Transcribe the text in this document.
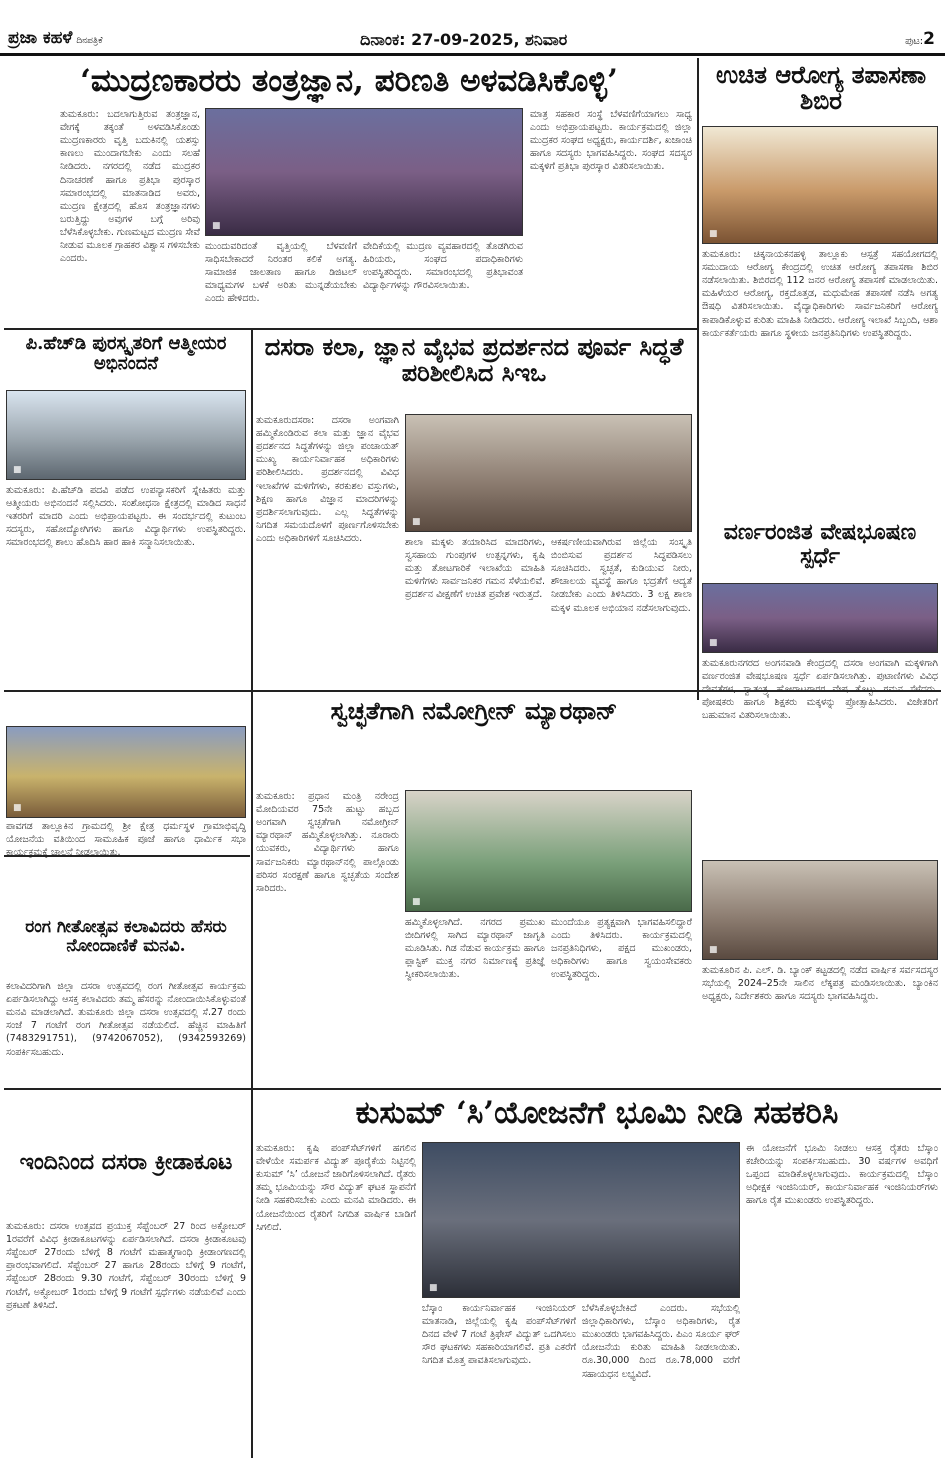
ಪ್ರಜಾ ಕಹಳೆ ದಿನಪತ್ರಿಕೆ	ದಿನಾಂಕ: 27-09-2025, ಶನಿವಾರ	ಪುಟ:2
‘ಮುದ್ರಣಕಾರರು ತಂತ್ರಜ್ಞಾನ, ಪರಿಣತಿ ಅಳವಡಿಸಿಕೊಳ್ಳಿ’
■
ತುಮಕೂರು: ಬದಲಾಗುತ್ತಿರುವ ತಂತ್ರಜ್ಞಾನ, ವೇಗಕ್ಕೆ ತಕ್ಕಂತೆ ಅಳವಡಿಸಿಕೊಂಡು ಮುದ್ರಣಕಾರರು ವೃತ್ತಿ ಬದುಕಿನಲ್ಲಿ ಯಶಸ್ಸು ಕಾಣಲು ಮುಂದಾಗಬೇಕು ಎಂದು ಸಲಹೆ ನೀಡಿದರು. ನಗರದಲ್ಲಿ ನಡೆದ ಮುದ್ರಕರ ದಿನಾಚರಣೆ ಹಾಗೂ ಪ್ರತಿಭಾ ಪುರಸ್ಕಾರ ಸಮಾರಂಭದಲ್ಲಿ ಮಾತನಾಡಿದ ಅವರು, ಮುದ್ರಣ ಕ್ಷೇತ್ರದಲ್ಲಿ ಹೊಸ ತಂತ್ರಜ್ಞಾನಗಳು ಬರುತ್ತಿದ್ದು ಅವುಗಳ ಬಗ್ಗೆ ಅರಿವು ಬೆಳೆಸಿಕೊಳ್ಳಬೇಕು. ಗುಣಮಟ್ಟದ ಮುದ್ರಣ ಸೇವೆ ನೀಡುವ ಮೂಲಕ ಗ್ರಾಹಕರ ವಿಶ್ವಾಸ ಗಳಿಸಬೇಕು ಎಂದರು.
ಮುಂದುವರಿದಂತೆ ವೃತ್ತಿಯಲ್ಲಿ ಬೆಳವಣಿಗೆ ಸಾಧಿಸಬೇಕಾದರೆ ನಿರಂತರ ಕಲಿಕೆ ಅಗತ್ಯ. ಸಾಮಾಜಿಕ ಜಾಲತಾಣ ಹಾಗೂ ಡಿಜಿಟಲ್ ಮಾಧ್ಯಮಗಳ ಬಳಕೆ ಅರಿತು ಮುನ್ನಡೆಯಬೇಕು ಎಂದು ಹೇಳಿದರು.
ವೇದಿಕೆಯಲ್ಲಿ ಮುದ್ರಣ ವ್ಯವಹಾರದಲ್ಲಿ ತೊಡಗಿರುವ ಹಿರಿಯರು, ಸಂಘದ ಪದಾಧಿಕಾರಿಗಳು ಉಪಸ್ಥಿತರಿದ್ದರು. ಸಮಾರಂಭದಲ್ಲಿ ಪ್ರತಿಭಾವಂತ ವಿದ್ಯಾರ್ಥಿಗಳನ್ನು ಗೌರವಿಸಲಾಯಿತು.
ಮಾತ್ರ ಸಹಕಾರ ಸಂಸ್ಥೆ ಬೆಳವಣಿಗೆಯಾಗಲು ಸಾಧ್ಯ ಎಂದು ಅಭಿಪ್ರಾಯಪಟ್ಟರು. ಕಾರ್ಯಕ್ರಮದಲ್ಲಿ ಜಿಲ್ಲಾ ಮುದ್ರಕರ ಸಂಘದ ಅಧ್ಯಕ್ಷರು, ಕಾರ್ಯದರ್ಶಿ, ಖಜಾಂಚಿ ಹಾಗೂ ಸದಸ್ಯರು ಭಾಗವಹಿಸಿದ್ದರು. ಸಂಘದ ಸದಸ್ಯರ ಮಕ್ಕಳಿಗೆ ಪ್ರತಿಭಾ ಪುರಸ್ಕಾರ ವಿತರಿಸಲಾಯಿತು.
ಉಚಿತ ಆರೋಗ್ಯ ತಪಾಸಣಾ ಶಿಬಿರ
■
ತುಮಕೂರು: ಚಿಕ್ಕನಾಯಕನಹಳ್ಳಿ ತಾಲ್ಲೂಕು ಆಸ್ಪತ್ರೆ ಸಹಯೋಗದಲ್ಲಿ ಸಮುದಾಯ ಆರೋಗ್ಯ ಕೇಂದ್ರದಲ್ಲಿ ಉಚಿತ ಆರೋಗ್ಯ ತಪಾಸಣಾ ಶಿಬಿರ ನಡೆಸಲಾಯಿತು. ಶಿಬಿರದಲ್ಲಿ 112 ಜನರ ಆರೋಗ್ಯ ತಪಾಸಣೆ ಮಾಡಲಾಯಿತು. ಮಹಿಳೆಯರ ಆರೋಗ್ಯ, ರಕ್ತದೊತ್ತಡ, ಮಧುಮೇಹ ತಪಾಸಣೆ ನಡೆಸಿ ಅಗತ್ಯ ಔಷಧಿ ವಿತರಿಸಲಾಯಿತು. ವೈದ್ಯಾಧಿಕಾರಿಗಳು ಸಾರ್ವಜನಿಕರಿಗೆ ಆರೋಗ್ಯ ಕಾಪಾಡಿಕೊಳ್ಳುವ ಕುರಿತು ಮಾಹಿತಿ ನೀಡಿದರು. ಆರೋಗ್ಯ ಇಲಾಖೆ ಸಿಬ್ಬಂದಿ, ಆಶಾ ಕಾರ್ಯಕರ್ತೆಯರು ಹಾಗೂ ಸ್ಥಳೀಯ ಜನಪ್ರತಿನಿಧಿಗಳು ಉಪಸ್ಥಿತರಿದ್ದರು.
ವರ್ಣರಂಜಿತ ವೇಷಭೂಷಣ ಸ್ಪರ್ಧೆ
■
ತುಮಕೂರುನಗರದ ಅಂಗನವಾಡಿ ಕೇಂದ್ರದಲ್ಲಿ ದಸರಾ ಅಂಗವಾಗಿ ಮಕ್ಕಳಿಗಾಗಿ ವರ್ಣರಂಜಿತ ವೇಷಭೂಷಣ ಸ್ಪರ್ಧೆ ಏರ್ಪಡಿಸಲಾಗಿತ್ತು. ಪುಟಾಣಿಗಳು ವಿವಿಧ ದೇವತೆಗಳ, ಸ್ವಾತಂತ್ರ್ಯ ಹೋರಾಟಗಾರರ ವೇಷ ತೊಟ್ಟು ಗಮನ ಸೆಳೆದರು. ಪೋಷಕರು ಹಾಗೂ ಶಿಕ್ಷಕರು ಮಕ್ಕಳನ್ನು ಪ್ರೋತ್ಸಾಹಿಸಿದರು. ವಿಜೇತರಿಗೆ ಬಹುಮಾನ ವಿತರಿಸಲಾಯಿತು.
■
ತುಮಕೂರಿನ ಪಿ. ಎಲ್. ಡಿ. ಬ್ಯಾಂಕ್ ಕಟ್ಟಡದಲ್ಲಿ ನಡೆದ ವಾರ್ಷಿಕ ಸರ್ವಸದಸ್ಯರ ಸಭೆಯಲ್ಲಿ 2024–25ನೇ ಸಾಲಿನ ಲೆಕ್ಕಪತ್ರ ಮಂಡಿಸಲಾಯಿತು. ಬ್ಯಾಂಕಿನ ಅಧ್ಯಕ್ಷರು, ನಿರ್ದೇಶಕರು ಹಾಗೂ ಸದಸ್ಯರು ಭಾಗವಹಿಸಿದ್ದರು.
ಪಿ.ಹೆಚ್‌ಡಿ ಪುರಸ್ಕೃತರಿಗೆ ಆತ್ಮೀಯರ ಅಭಿನಂದನೆ
■
ತುಮಕೂರು: ಪಿ.ಹೆಚ್‌ಡಿ ಪದವಿ ಪಡೆದ ಉಪನ್ಯಾಸಕರಿಗೆ ಸ್ನೇಹಿತರು ಮತ್ತು ಆತ್ಮೀಯರು ಅಭಿನಂದನೆ ಸಲ್ಲಿಸಿದರು. ಸಂಶೋಧನಾ ಕ್ಷೇತ್ರದಲ್ಲಿ ಮಾಡಿದ ಸಾಧನೆ ಇತರರಿಗೆ ಮಾದರಿ ಎಂದು ಅಭಿಪ್ರಾಯಪಟ್ಟರು. ಈ ಸಂದರ್ಭದಲ್ಲಿ ಕುಟುಂಬ ಸದಸ್ಯರು, ಸಹೋದ್ಯೋಗಿಗಳು ಹಾಗೂ ವಿದ್ಯಾರ್ಥಿಗಳು ಉಪಸ್ಥಿತರಿದ್ದರು. ಸಮಾರಂಭದಲ್ಲಿ ಶಾಲು ಹೊದಿಸಿ ಹಾರ ಹಾಕಿ ಸನ್ಮಾನಿಸಲಾಯಿತು.
ದಸರಾ ಕಲಾ, ಜ್ಞಾನ ವೈಭವ ಪ್ರದರ್ಶನದ ಪೂರ್ವ ಸಿದ್ಧತೆ ಪರಿಶೀಲಿಸಿದ ಸಿಇಒ
■
ತುಮಕೂರುದಸರಾ: ದಸರಾ ಅಂಗವಾಗಿ ಹಮ್ಮಿಕೊಂಡಿರುವ ಕಲಾ ಮತ್ತು ಜ್ಞಾನ ವೈಭವ ಪ್ರದರ್ಶನದ ಸಿದ್ಧತೆಗಳನ್ನು ಜಿಲ್ಲಾ ಪಂಚಾಯತ್ ಮುಖ್ಯ ಕಾರ್ಯನಿರ್ವಾಹಕ ಅಧಿಕಾರಿಗಳು ಪರಿಶೀಲಿಸಿದರು. ಪ್ರದರ್ಶನದಲ್ಲಿ ವಿವಿಧ ಇಲಾಖೆಗಳ ಮಳಿಗೆಗಳು, ಕರಕುಶಲ ವಸ್ತುಗಳು, ಶಿಕ್ಷಣ ಹಾಗೂ ವಿಜ್ಞಾನ ಮಾದರಿಗಳನ್ನು ಪ್ರದರ್ಶಿಸಲಾಗುವುದು. ಎಲ್ಲ ಸಿದ್ಧತೆಗಳನ್ನು ನಿಗದಿತ ಸಮಯದೊಳಗೆ ಪೂರ್ಣಗೊಳಿಸಬೇಕು ಎಂದು ಅಧಿಕಾರಿಗಳಿಗೆ ಸೂಚಿಸಿದರು.	ಶಾಲಾ ಮಕ್ಕಳು ತಯಾರಿಸಿದ ಮಾದರಿಗಳು, ಸ್ವಸಹಾಯ ಗುಂಪುಗಳ ಉತ್ಪನ್ನಗಳು, ಕೃಷಿ ಮತ್ತು ತೋಟಗಾರಿಕೆ ಇಲಾಖೆಯ ಮಾಹಿತಿ ಮಳಿಗೆಗಳು ಸಾರ್ವಜನಿಕರ ಗಮನ ಸೆಳೆಯಲಿವೆ. ಪ್ರದರ್ಶನ ವೀಕ್ಷಣೆಗೆ ಉಚಿತ ಪ್ರವೇಶ ಇರುತ್ತದೆ.
ಆಕರ್ಷಣೀಯವಾಗಿರುವ ಜಿಲ್ಲೆಯ ಸಂಸ್ಕೃತಿ ಬಿಂಬಿಸುವ ಪ್ರದರ್ಶನ ಸಿದ್ಧಪಡಿಸಲು ಸೂಚಿಸಿದರು. ಸ್ವಚ್ಛತೆ, ಕುಡಿಯುವ ನೀರು, ಶೌಚಾಲಯ ವ್ಯವಸ್ಥೆ ಹಾಗೂ ಭದ್ರತೆಗೆ ಆದ್ಯತೆ ನೀಡಬೇಕು ಎಂದು ತಿಳಿಸಿದರು. 3 ಲಕ್ಷ ಶಾಲಾ ಮಕ್ಕಳ ಮೂಲಕ ಅಭಿಯಾನ ನಡೆಸಲಾಗುವುದು.
■
ಪಾವಗಡ ತಾಲ್ಲೂಕಿನ ಗ್ರಾಮದಲ್ಲಿ ಶ್ರೀ ಕ್ಷೇತ್ರ ಧರ್ಮಸ್ಥಳ ಗ್ರಾಮಾಭಿವೃದ್ಧಿ ಯೋಜನೆಯ ವತಿಯಿಂದ ಸಾಮೂಹಿಕ ಪೂಜೆ ಹಾಗೂ ಧಾರ್ಮಿಕ ಸಭಾ ಕಾರ್ಯಕ್ರಮಕ್ಕೆ ಚಾಲನೆ ನೀಡಲಾಯಿತು.
ಸ್ವಚ್ಛತೆಗಾಗಿ ನಮೋಗ್ರೀನ್ ಮ್ಯಾರಥಾನ್
■
ತುಮಕೂರು: ಪ್ರಧಾನ ಮಂತ್ರಿ ನರೇಂದ್ರ ಮೋದಿಯವರ 75ನೇ ಹುಟ್ಟು ಹಬ್ಬದ ಅಂಗವಾಗಿ ಸ್ವಚ್ಛತೆಗಾಗಿ ನಮೋಗ್ರೀನ್ ಮ್ಯಾರಥಾನ್ ಹಮ್ಮಿಕೊಳ್ಳಲಾಗಿತ್ತು. ನೂರಾರು ಯುವಕರು, ವಿದ್ಯಾರ್ಥಿಗಳು ಹಾಗೂ ಸಾರ್ವಜನಿಕರು ಮ್ಯಾರಥಾನ್‌ನಲ್ಲಿ ಪಾಲ್ಗೊಂಡು ಪರಿಸರ ಸಂರಕ್ಷಣೆ ಹಾಗೂ ಸ್ವಚ್ಛತೆಯ ಸಂದೇಶ ಸಾರಿದರು.
ಹಮ್ಮಿಕೊಳ್ಳಲಾಗಿದೆ. ನಗರದ ಪ್ರಮುಖ ಬೀದಿಗಳಲ್ಲಿ ಸಾಗಿದ ಮ್ಯಾರಥಾನ್ ಜಾಗೃತಿ ಮೂಡಿಸಿತು. ಗಿಡ ನೆಡುವ ಕಾರ್ಯಕ್ರಮ ಹಾಗೂ ಪ್ಲಾಸ್ಟಿಕ್ ಮುಕ್ತ ನಗರ ನಿರ್ಮಾಣಕ್ಕೆ ಪ್ರತಿಜ್ಞೆ ಸ್ವೀಕರಿಸಲಾಯಿತು.
ಮುಂದೆಯೂ ಪ್ರತ್ಯಕ್ಷವಾಗಿ ಭಾಗವಹಿಸಲಿದ್ದಾರೆ ಎಂದು ತಿಳಿಸಿದರು. ಕಾರ್ಯಕ್ರಮದಲ್ಲಿ ಜನಪ್ರತಿನಿಧಿಗಳು, ಪಕ್ಷದ ಮುಖಂಡರು, ಅಧಿಕಾರಿಗಳು ಹಾಗೂ ಸ್ವಯಂಸೇವಕರು ಉಪಸ್ಥಿತರಿದ್ದರು.
ರಂಗ ಗೀತೋತ್ಸವ ಕಲಾವಿದರು ಹೆಸರು ನೋಂದಾಣಿಕೆ ಮನವಿ.
ಕಲಾವಿದರಿಗಾಗಿ ಜಿಲ್ಲಾ ದಸರಾ ಉತ್ಸವದಲ್ಲಿ ರಂಗ ಗೀತೋತ್ಸವ ಕಾರ್ಯಕ್ರಮ ಏರ್ಪಡಿಸಲಾಗಿದ್ದು ಆಸಕ್ತ ಕಲಾವಿದರು ತಮ್ಮ ಹೆಸರನ್ನು ನೋಂದಾಯಿಸಿಕೊಳ್ಳುವಂತೆ ಮನವಿ ಮಾಡಲಾಗಿದೆ. ತುಮಕೂರು ಜಿಲ್ಲಾ ದಸರಾ ಉತ್ಸವದಲ್ಲಿ ಸೆ.27 ರಂದು ಸಂಜೆ 7 ಗಂಟೆಗೆ ರಂಗ ಗೀತೋತ್ಸವ ನಡೆಯಲಿದೆ. ಹೆಚ್ಚಿನ ಮಾಹಿತಿಗೆ (7483291751), (9742067052), (9342593269) ಸಂಪರ್ಕಿಸಬಹುದು.
ಇಂದಿನಿಂದ ದಸರಾ ಕ್ರೀಡಾಕೂಟ
ತುಮಕೂರು: ದಸರಾ ಉತ್ಸವದ ಪ್ರಯುಕ್ತ ಸೆಪ್ಟೆಂಬರ್ 27 ರಿಂದ ಅಕ್ಟೋಬರ್ 1ರವರೆಗೆ ವಿವಿಧ ಕ್ರೀಡಾಕೂಟಗಳನ್ನು ಏರ್ಪಡಿಸಲಾಗಿದೆ. ದಸರಾ ಕ್ರೀಡಾಕೂಟವು ಸೆಪ್ಟೆಂಬರ್ 27ರಂದು ಬೆಳಿಗ್ಗೆ 8 ಗಂಟೆಗೆ ಮಹಾತ್ಮಗಾಂಧಿ ಕ್ರೀಡಾಂಗಣದಲ್ಲಿ ಪ್ರಾರಂಭವಾಗಲಿದೆ. ಸೆಪ್ಟೆಂಬರ್ 27 ಹಾಗೂ 28ರಂದು ಬೆಳಿಗ್ಗೆ 9 ಗಂಟೆಗೆ, ಸೆಪ್ಟೆಂಬರ್ 28ರಂದು 9.30 ಗಂಟೆಗೆ, ಸೆಪ್ಟೆಂಬರ್ 30ರಂದು ಬೆಳಿಗ್ಗೆ 9 ಗಂಟೆಗೆ, ಅಕ್ಟೋಬರ್ 1ರಂದು ಬೆಳಿಗ್ಗೆ 9 ಗಂಟೆಗೆ ಸ್ಪರ್ಧೆಗಳು ನಡೆಯಲಿವೆ ಎಂದು ಪ್ರಕಟಣೆ ತಿಳಿಸಿದೆ.
ಕುಸುಮ್ ‘ಸಿ’ಯೋಜನೆಗೆ ಭೂಮಿ ನೀಡಿ ಸಹಕರಿಸಿ
■
ತುಮಕೂರು: ಕೃಷಿ ಪಂಪ್‌ಸೆಟ್‌ಗಳಿಗೆ ಹಗಲಿನ ವೇಳೆಯೇ ಸಮರ್ಪಕ ವಿದ್ಯುತ್ ಪೂರೈಕೆಯ ನಿಟ್ಟಿನಲ್ಲಿ ಕುಸುಮ್ ‘ಸಿ’ ಯೋಜನೆ ಜಾರಿಗೊಳಿಸಲಾಗಿದೆ. ರೈತರು ತಮ್ಮ ಭೂಮಿಯನ್ನು ಸೌರ ವಿದ್ಯುತ್ ಘಟಕ ಸ್ಥಾಪನೆಗೆ ನೀಡಿ ಸಹಕರಿಸಬೇಕು ಎಂದು ಮನವಿ ಮಾಡಿದರು. ಈ ಯೋಜನೆಯಿಂದ ರೈತರಿಗೆ ನಿಗದಿತ ವಾರ್ಷಿಕ ಬಾಡಿಗೆ ಸಿಗಲಿದೆ.
ಬೆಸ್ಕಾಂ ಕಾರ್ಯನಿರ್ವಾಹಕ ಇಂಜಿನಿಯರ್ ಮಾತನಾಡಿ, ಜಿಲ್ಲೆಯಲ್ಲಿ ಕೃಷಿ ಪಂಪ್‌ಸೆಟ್‌ಗಳಿಗೆ ದಿನದ ವೇಳೆ 7 ಗಂಟೆ ತ್ರಿಫೇಸ್ ವಿದ್ಯುತ್ ಒದಗಿಸಲು ಸೌರ ಘಟಕಗಳು ಸಹಕಾರಿಯಾಗಲಿವೆ. ಪ್ರತಿ ಎಕರೆಗೆ ನಿಗದಿತ ಮೊತ್ತ ಪಾವತಿಸಲಾಗುವುದು.
ಬೆಳೆಸಿಕೊಳ್ಳಬೇಕಿದೆ ಎಂದರು. ಸಭೆಯಲ್ಲಿ ಜಿಲ್ಲಾಧಿಕಾರಿಗಳು, ಬೆಸ್ಕಾಂ ಅಧಿಕಾರಿಗಳು, ರೈತ ಮುಖಂಡರು ಭಾಗವಹಿಸಿದ್ದರು. ಪಿಎಂ ಸೂರ್ಯ ಘರ್ ಯೋಜನೆಯ ಕುರಿತು ಮಾಹಿತಿ ನೀಡಲಾಯಿತು. ರೂ.30,000 ದಿಂದ ರೂ.78,000 ವರೆಗೆ ಸಹಾಯಧನ ಲಭ್ಯವಿದೆ.
ಈ ಯೋಜನೆಗೆ ಭೂಮಿ ನೀಡಲು ಆಸಕ್ತ ರೈತರು ಬೆಸ್ಕಾಂ ಕಚೇರಿಯನ್ನು ಸಂಪರ್ಕಿಸಬಹುದು. 30 ವರ್ಷಗಳ ಅವಧಿಗೆ ಒಪ್ಪಂದ ಮಾಡಿಕೊಳ್ಳಲಾಗುವುದು. ಕಾರ್ಯಕ್ರಮದಲ್ಲಿ ಬೆಸ್ಕಾಂ ಅಧೀಕ್ಷಕ ಇಂಜಿನಿಯರ್, ಕಾರ್ಯನಿರ್ವಾಹಕ ಇಂಜಿನಿಯರ್‌ಗಳು ಹಾಗೂ ರೈತ ಮುಖಂಡರು ಉಪಸ್ಥಿತರಿದ್ದರು.
